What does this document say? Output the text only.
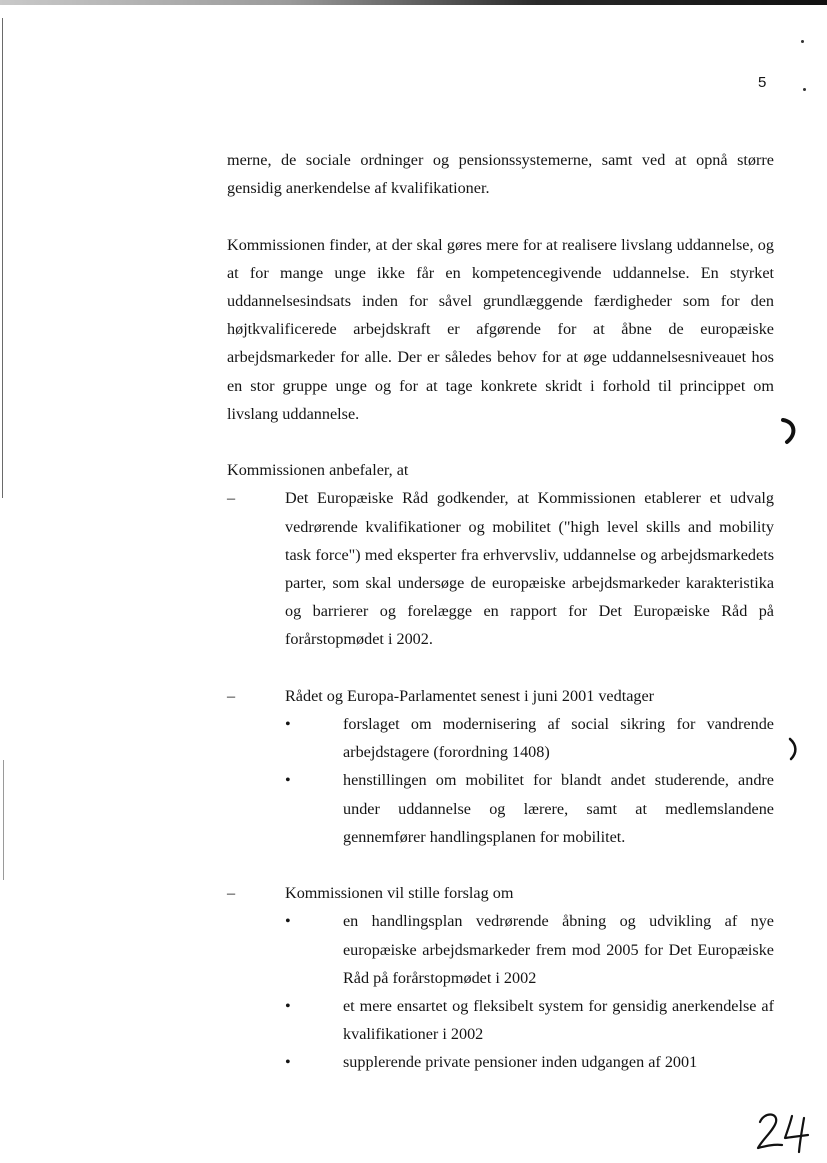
5

merne, de sociale ordninger og pensionssystemerne, samt ved at opnå større gensidig anerkendelse af kvalifikationer.

Kommissionen finder, at der skal gøres mere for at realisere livslang uddannelse, og at for mange unge ikke får en kompetencegivende uddannelse. En styrket uddannelsesindsats inden for såvel grundlæggende færdigheder som for den højtkvalificerede arbejdskraft er afgørende for at åbne de europæiske arbejdsmarkeder for alle. Der er således behov for at øge uddannelsesniveauet hos en stor gruppe unge og for at tage konkrete skridt i forhold til princippet om livslang uddannelse.

Kommissionen anbefaler, at

–	Det Europæiske Råd godkender, at Kommissionen etablerer et udvalg vedrørende kvalifikationer og mobilitet ("high level skills and mobility task force") med eksperter fra erhvervsliv, uddannelse og arbejdsmarkedets parter, som skal undersøge de europæiske arbejdsmarkeder karakteristika og barrierer og forelægge en rapport for Det Europæiske Råd på forårstopmødet i 2002.
–	Rådet og Europa-Parlamentet senest i juni 2001 vedtager
•	forslaget om modernisering af social sikring for vandrende arbejdstagere (forordning 1408)
•	henstillingen om mobilitet for blandt andet studerende, andre under uddannelse og lærere, samt at medlemslandene gennemfører handlingsplanen for mobilitet.
–	Kommissionen vil stille forslag om
•	en handlingsplan vedrørende åbning og udvikling af nye europæiske arbejdsmarkeder frem mod 2005 for Det Europæiske Råd på forårstopmødet i 2002
•	et mere ensartet og fleksibelt system for gensidig anerkendelse af kvalifikationer i 2002
•	supplerende private pensioner inden udgangen af 2001
